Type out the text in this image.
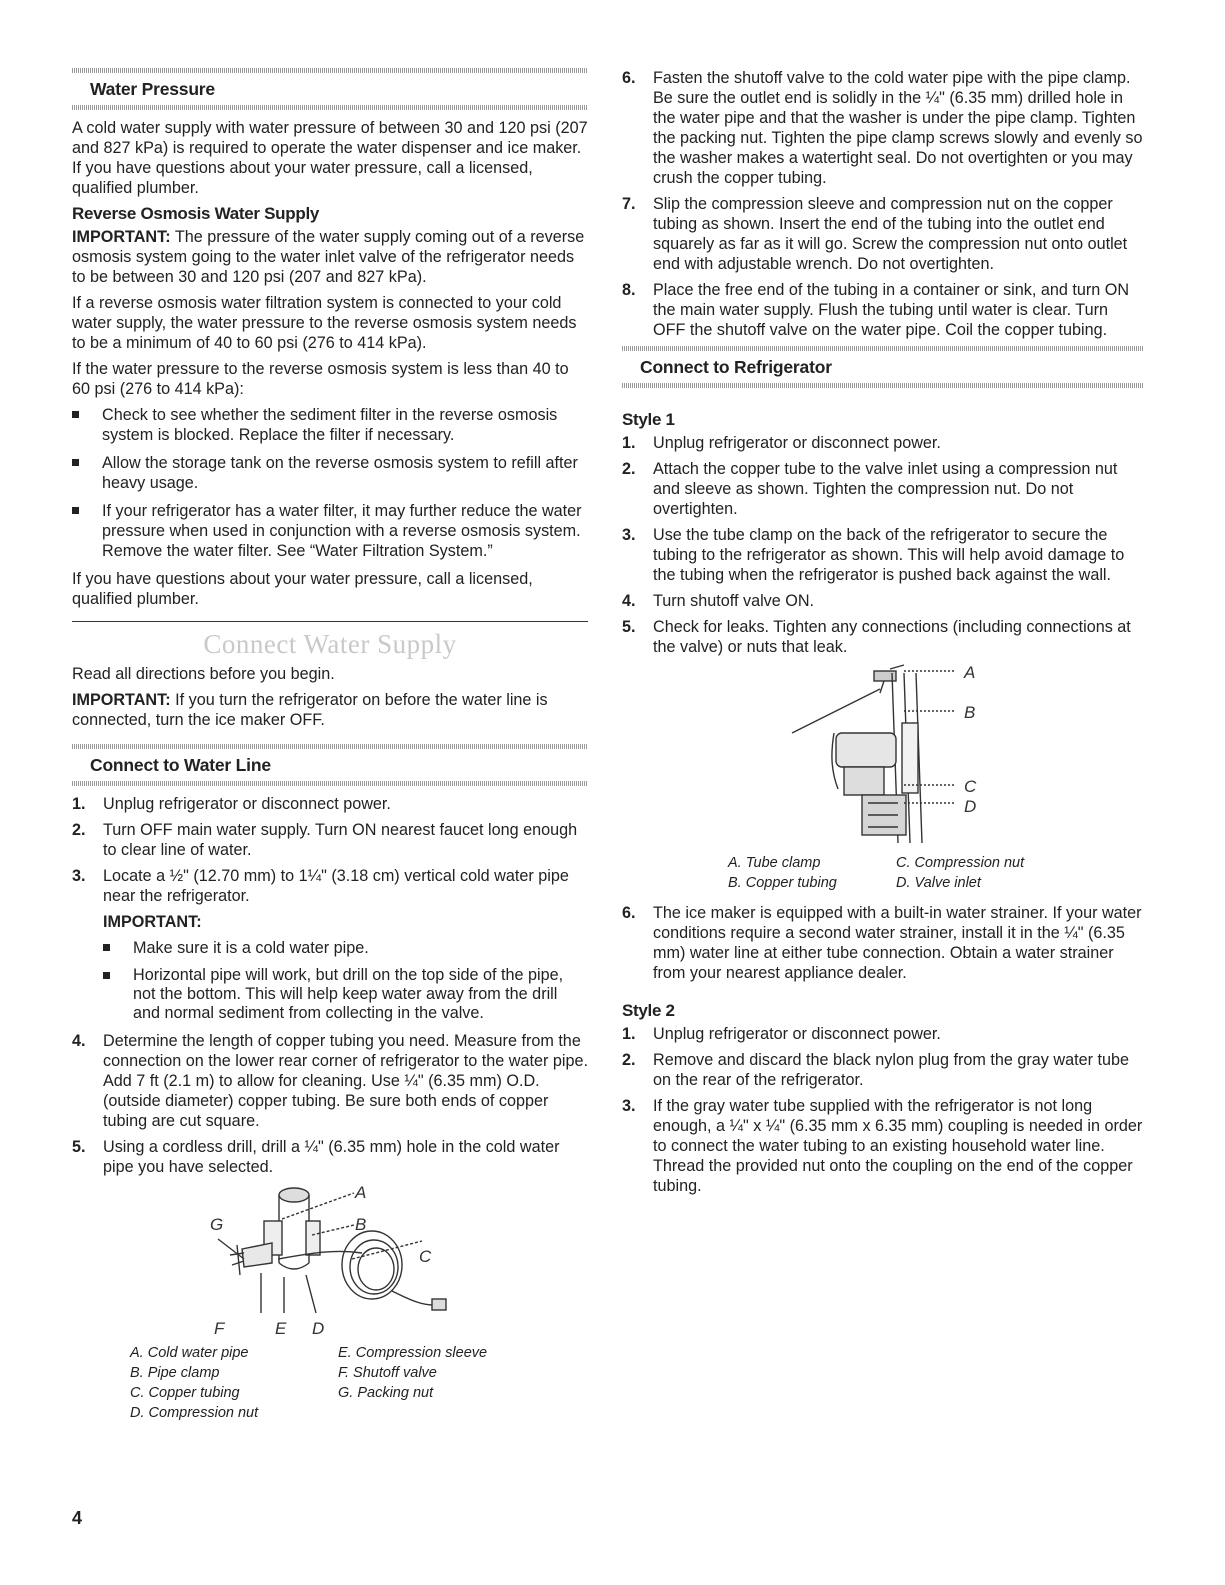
Water Pressure

A cold water supply with water pressure of between 30 and 120 psi (207 and 827 kPa) is required to operate the water dispenser and ice maker. If you have questions about your water pressure, call a licensed, qualified plumber.

Reverse Osmosis Water Supply

IMPORTANT: The pressure of the water supply coming out of a reverse osmosis system going to the water inlet valve of the refrigerator needs to be between 30 and 120 psi (207 and 827 kPa).

If a reverse osmosis water filtration system is connected to your cold water supply, the water pressure to the reverse osmosis system needs to be a minimum of 40 to 60 psi (276 to 414 kPa).

If the water pressure to the reverse osmosis system is less than 40 to 60 psi (276 to 414 kPa):

Check to see whether the sediment filter in the reverse osmosis system is blocked. Replace the filter if necessary.
Allow the storage tank on the reverse osmosis system to refill after heavy usage.
If your refrigerator has a water filter, it may further reduce the water pressure when used in conjunction with a reverse osmosis system. Remove the water filter. See “Water Filtration System.”

If you have questions about your water pressure, call a licensed, qualified plumber.

Connect Water Supply

Read all directions before you begin.

IMPORTANT: If you turn the refrigerator on before the water line is connected, turn the ice maker OFF.

Connect to Water Line
1. Unplug refrigerator or disconnect power.
2. Turn OFF main water supply. Turn ON nearest faucet long enough to clear line of water.
3. Locate a ½" (12.70 mm) to 1¼" (3.18 cm) vertical cold water pipe near the refrigerator.
IMPORTANT:
Make sure it is a cold water pipe.
Horizontal pipe will work, but drill on the top side of the pipe, not the bottom. This will help keep water away from the drill and normal sediment from collecting in the valve.
4. Determine the length of copper tubing you need. Measure from the connection on the lower rear corner of refrigerator to the water pipe. Add 7 ft (2.1 m) to allow for cleaning. Use ¼" (6.35 mm) O.D. (outside diameter) copper tubing. Be sure both ends of copper tubing are cut square.
5. Using a cordless drill, drill a ¼" (6.35 mm) hole in the cold water pipe you have selected.
A
B
C
G
F	E D
A. Cold water pipe	E. Compression sleeve
B. Pipe clamp	F. Shutoff valve
C. Copper tubing	G. Packing nut
D. Compression nut
6. Fasten the shutoff valve to the cold water pipe with the pipe clamp. Be sure the outlet end is solidly in the ¼" (6.35 mm) drilled hole in the water pipe and that the washer is under the pipe clamp. Tighten the packing nut. Tighten the pipe clamp screws slowly and evenly so the washer makes a watertight seal. Do not overtighten or you may crush the copper tubing.
7. Slip the compression sleeve and compression nut on the copper tubing as shown. Insert the end of the tubing into the outlet end squarely as far as it will go. Screw the compression nut onto outlet end with adjustable wrench. Do not overtighten.
8. Place the free end of the tubing in a container or sink, and turn ON the main water supply. Flush the tubing until water is clear. Turn OFF the shutoff valve on the water pipe. Coil the copper tubing.
Connect to Refrigerator
Style 1
1. Unplug refrigerator or disconnect power.
2. Attach the copper tube to the valve inlet using a compression nut and sleeve as shown. Tighten the compression nut. Do not overtighten.
3. Use the tube clamp on the back of the refrigerator to secure the tubing to the refrigerator as shown. This will help avoid damage to the tubing when the refrigerator is pushed back against the wall.
4. Turn shutoff valve ON.
5. Check for leaks. Tighten any connections (including connections at the valve) or nuts that leak.
A
B
C
D
A. Tube clamp	C. Compression nut
B. Copper tubing	D. Valve inlet
6. The ice maker is equipped with a built-in water strainer. If your water conditions require a second water strainer, install it in the ¼" (6.35 mm) water line at either tube connection. Obtain a water strainer from your nearest appliance dealer.
Style 2
1. Unplug refrigerator or disconnect power.
2. Remove and discard the black nylon plug from the gray water tube on the rear of the refrigerator.
3. If the gray water tube supplied with the refrigerator is not long enough, a ¼" x ¼" (6.35 mm x 6.35 mm) coupling is needed in order to connect the water tubing to an existing household water line. Thread the provided nut onto the coupling on the end of the copper tubing.
4
